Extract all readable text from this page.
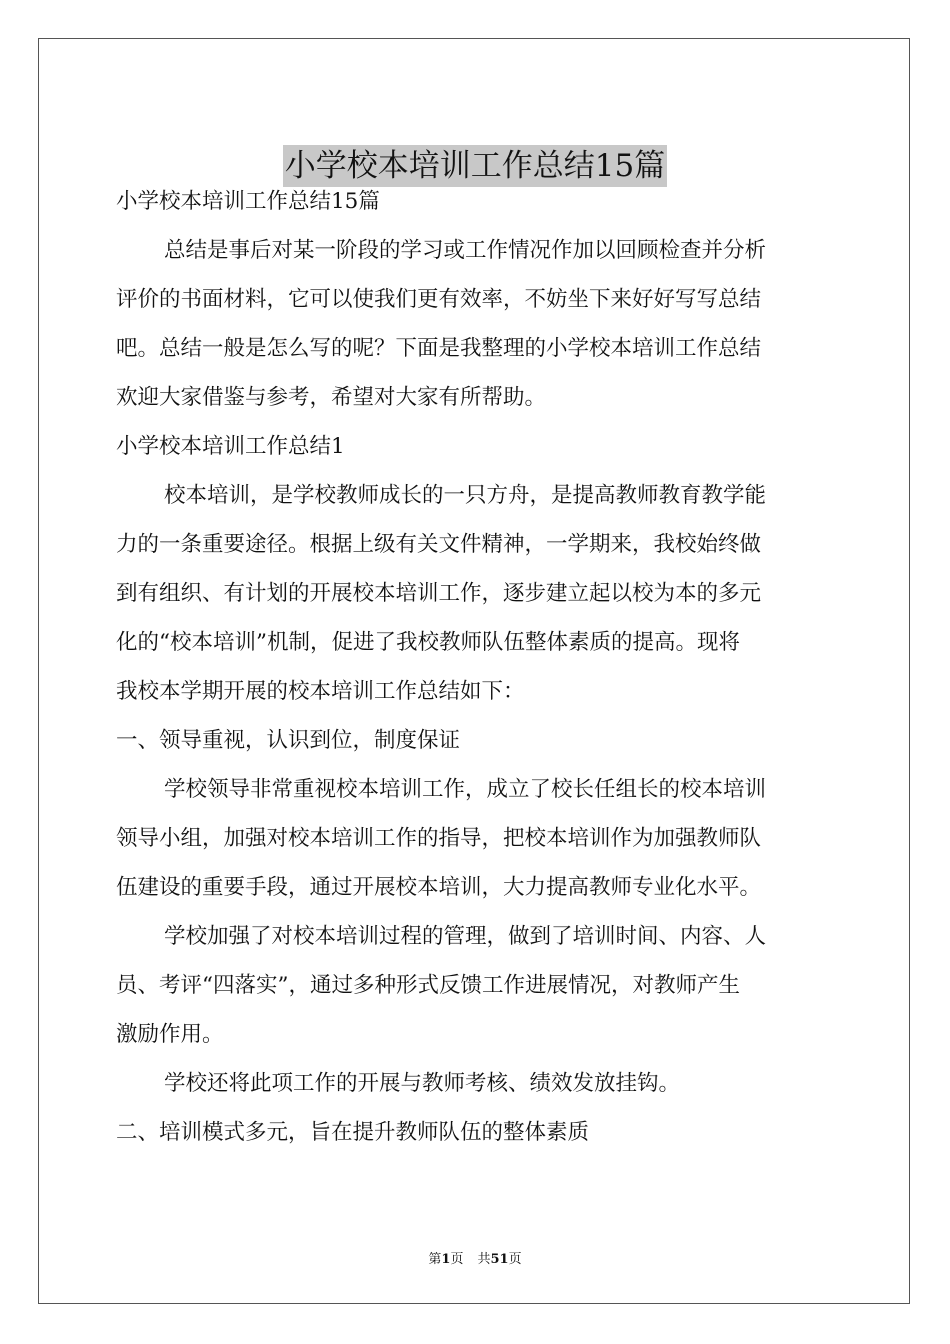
小学校本培训工作总结15篇
小学校本培训工作总结15篇
总结是事后对某一阶段的学习或工作情况作加以回顾检查并分析
评价的书面材料，它可以使我们更有效率，不妨坐下来好好写写总结
吧。总结一般是怎么写的呢？下面是我整理的小学校本培训工作总结
欢迎大家借鉴与参考，希望对大家有所帮助。
小学校本培训工作总结1
校本培训，是学校教师成长的一只方舟，是提高教师教育教学能
力的一条重要途径。根据上级有关文件精神，一学期来，我校始终做
到有组织、有计划的开展校本培训工作，逐步建立起以校为本的多元
化的“校本培训”机制，促进了我校教师队伍整体素质的提高。现将
我校本学期开展的校本培训工作总结如下：
一、领导重视，认识到位，制度保证
学校领导非常重视校本培训工作，成立了校长任组长的校本培训
领导小组，加强对校本培训工作的指导，把校本培训作为加强教师队
伍建设的重要手段，通过开展校本培训，大力提高教师专业化水平。
学校加强了对校本培训过程的管理，做到了培训时间、内容、人
员、考评“四落实”，通过多种形式反馈工作进展情况，对教师产生
激励作用。
学校还将此项工作的开展与教师考核、绩效发放挂钩。
二、培训模式多元，旨在提升教师队伍的整体素质
第1页 共51页
